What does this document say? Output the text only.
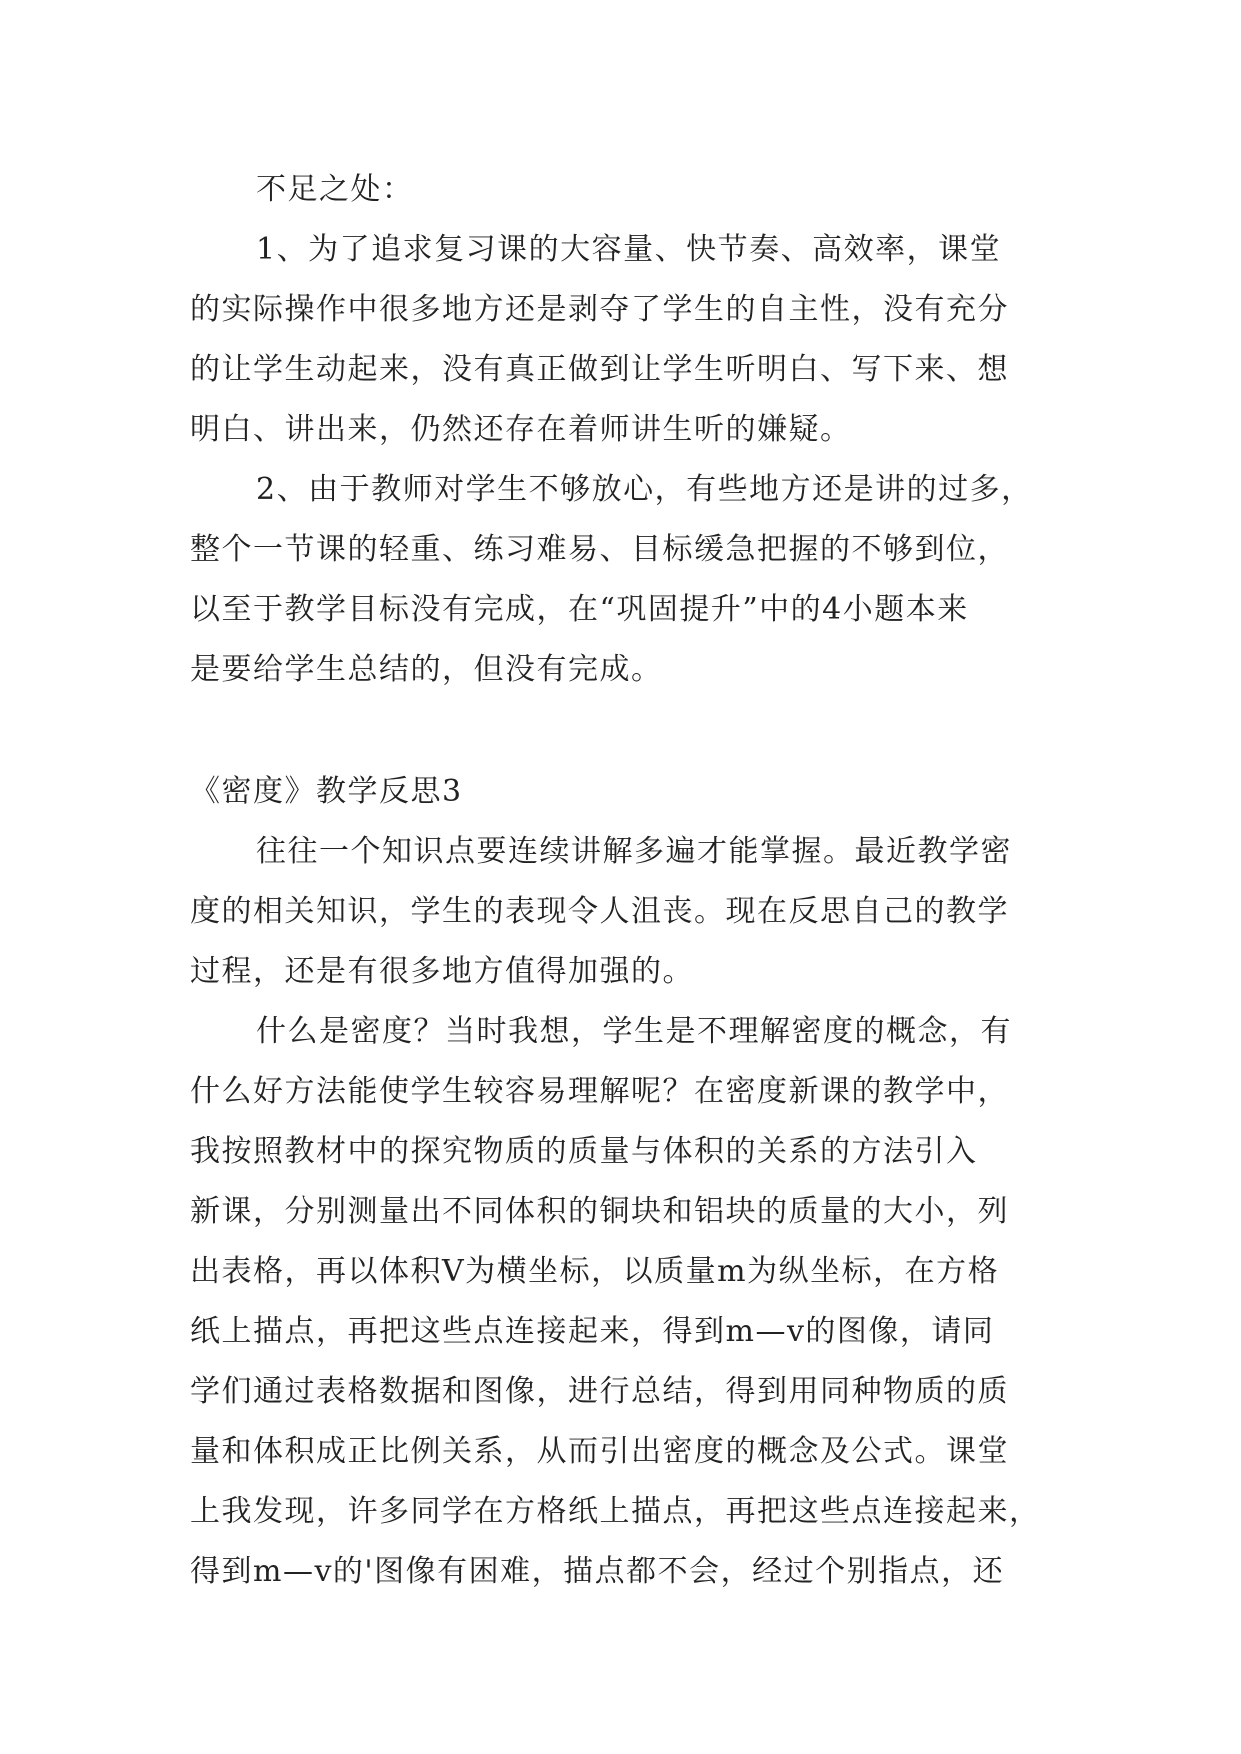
不足之处：
1、为了追求复习课的大容量、快节奏、高效率，课堂
的实际操作中很多地方还是剥夺了学生的自主性，没有充分
的让学生动起来，没有真正做到让学生听明白、写下来、想
明白、讲出来，仍然还存在着师讲生听的嫌疑。
2、由于教师对学生不够放心，有些地方还是讲的过多，
整个一节课的轻重、练习难易、目标缓急把握的不够到位，
以至于教学目标没有完成，在“巩固提升”中的4小题本来
是要给学生总结的，但没有完成。
《密度》教学反思3
往往一个知识点要连续讲解多遍才能掌握。最近教学密
度的相关知识，学生的表现令人沮丧。现在反思自己的教学
过程，还是有很多地方值得加强的。
什么是密度？当时我想，学生是不理解密度的概念，有
什么好方法能使学生较容易理解呢？在密度新课的教学中，
我按照教材中的探究物质的质量与体积的关系的方法引入
新课，分别测量出不同体积的铜块和铝块的质量的大小，列
出表格，再以体积V为横坐标，以质量m为纵坐标，在方格
纸上描点，再把这些点连接起来，得到m—v的图像，请同
学们通过表格数据和图像，进行总结，得到用同种物质的质
量和体积成正比例关系，从而引出密度的概念及公式。课堂
上我发现，许多同学在方格纸上描点，再把这些点连接起来，
得到m—v的'图像有困难，描点都不会，经过个别指点，还
